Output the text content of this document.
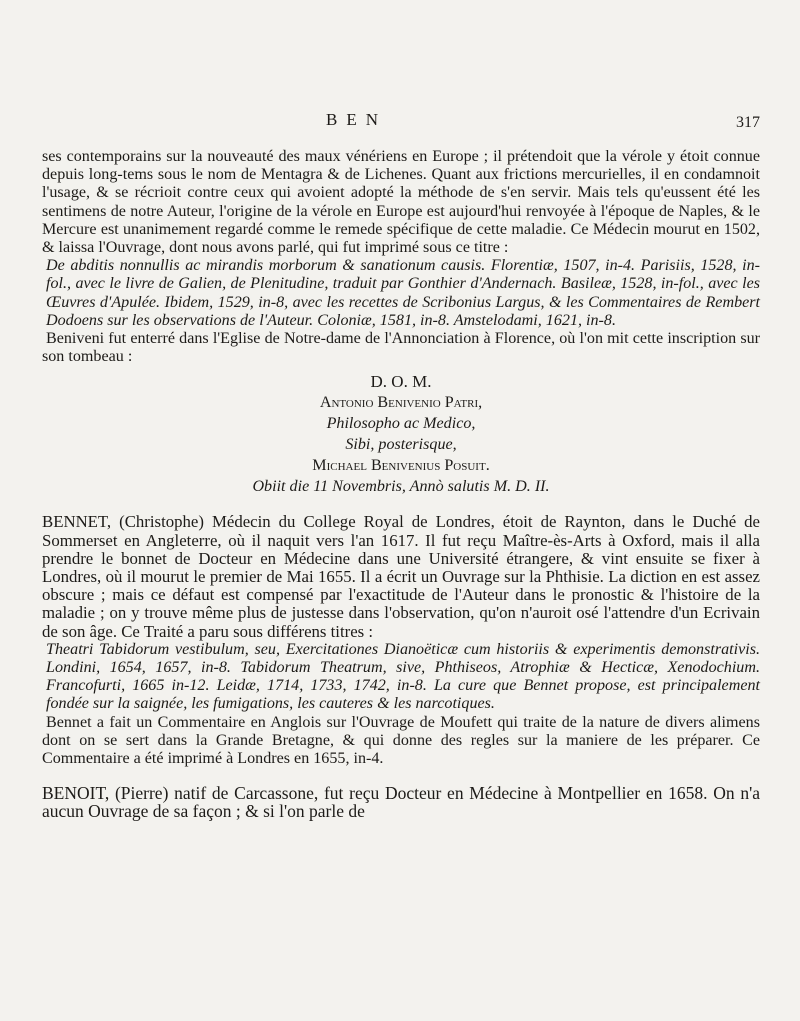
BEN	317

ses contemporains sur la nouveauté des maux vénériens en Europe ; il prétendoit que la vérole y étoit connue depuis long-tems sous le nom de Mentagra & de Lichenes. Quant aux frictions mercurielles, il en condamnoit l'usage, & se récrioit contre ceux qui avoient adopté la méthode de s'en servir. Mais tels qu'eussent été les sentimens de notre Auteur, l'origine de la vérole en Europe est aujourd'hui renvoyée à l'époque de Naples, & le Mercure est unanimement regardé comme le remede spécifique de cette maladie. Ce Médecin mourut en 1502, & laissa l'Ouvrage, dont nous avons parlé, qui fut imprimé sous ce titre :

De abditis nonnullis ac mirandis morborum & sanationum causis. Florentiæ, 1507, in-4. Parisiis, 1528, in-fol., avec le livre de Galien, de Plenitudine, traduit par Gonthier d'Andernach. Basileæ, 1528, in-fol., avec les Œuvres d'Apulée. Ibidem, 1529, in-8, avec les recettes de Scribonius Largus, & les Commentaires de Rembert Dodoens sur les observations de l'Auteur. Coloniæ, 1581, in-8. Amstelodami, 1621, in-8.

Beniveni fut enterré dans l'Eglise de Notre-dame de l'Annonciation à Florence, où l'on mit cette inscription sur son tombeau :

D. O. M.

Antonio Benivenio Patri,

Philosopho ac Medico,

Sibi, posterisque,

Michael Benivenius Posuit.

Obiit die 11 Novembris, Annò salutis M. D. II.

BENNET, (Christophe) Médecin du College Royal de Londres, étoit de Raynton, dans le Duché de Sommerset en Angleterre, où il naquit vers l'an 1617. Il fut reçu Maître-ès-Arts à Oxford, mais il alla prendre le bonnet de Docteur en Médecine dans une Université étrangere, & vint ensuite se fixer à Londres, où il mourut le premier de Mai 1655. Il a écrit un Ouvrage sur la Phthisie. La diction en est assez obscure ; mais ce défaut est compensé par l'exactitude de l'Auteur dans le pronostic & l'histoire de la maladie ; on y trouve même plus de justesse dans l'observation, qu'on n'auroit osé l'attendre d'un Ecrivain de son âge. Ce Traité a paru sous différens titres :

Theatri Tabidorum vestibulum, seu, Exercitationes Dianoëticæ cum historiis & experimentis demonstrativis. Londini, 1654, 1657, in-8. Tabidorum Theatrum, sive, Phthiseos, Atrophiæ & Hecticæ, Xenodochium. Francofurti, 1665 in-12. Leidæ, 1714, 1733, 1742, in-8. La cure que Bennet propose, est principalement fondée sur la saignée, les fumigations, les cauteres & les narcotiques.

Bennet a fait un Commentaire en Anglois sur l'Ouvrage de Moufett qui traite de la nature de divers alimens dont on se sert dans la Grande Bretagne, & qui donne des regles sur la maniere de les préparer. Ce Commentaire a été imprimé à Londres en 1655, in-4.

BENOIT, (Pierre) natif de Carcassone, fut reçu Docteur en Médecine à Montpellier en 1658. On n'a aucun Ouvrage de sa façon ; & si l'on parle de
